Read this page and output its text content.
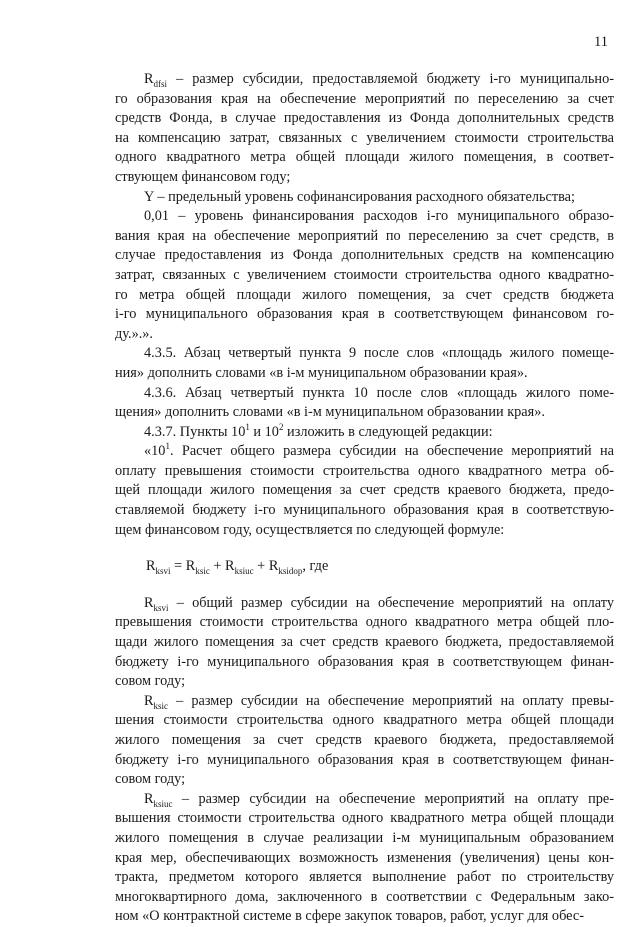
11
$R_{dfsi}$ – размер субсидии, предоставляемой бюджету i-го муниципально-
го образования края на обеспечение мероприятий по переселению за счет
средств Фонда, в случае предоставления из Фонда дополнительных средств
на компенсацию затрат, связанных с увеличением стоимости строительства
одного квадратного метра общей площади жилого помещения, в соответ-
ствующем финансовом году;
Y – предельный уровень софинансирования расходного обязательства;
0,01 – уровень финансирования расходов i-го муниципального образо-
вания края на обеспечение мероприятий по переселению за счет средств, в
случае предоставления из Фонда дополнительных средств на компенсацию
затрат, связанных с увеличением стоимости строительства одного квадратно-
го метра общей площади жилого помещения, за счет средств бюджета
i-го муниципального образования края в соответствующем финансовом го-
ду.».».
4.3.5. Абзац четвертый пункта 9 после слов «площадь жилого помеще-
ния» дополнить словами «в i-м муниципальном образовании края».
4.3.6. Абзац четвертый пункта 10 после слов «площадь жилого поме-
щения» дополнить словами «в i-м муниципальном образовании края».
4.3.7. Пункты $10^1$ и $10^2$ изложить в следующей редакции:
«$10^1$. Расчет общего размера субсидии на обеспечение мероприятий на
оплату превышения стоимости строительства одного квадратного метра об-
щей площади жилого помещения за счет средств краевого бюджета, предо-
ставляемой бюджету i-го муниципального образования края в соответствую-
щем финансовом году, осуществляется по следующей формуле:
$R_{ksvi} = R_{ksic} + R_{ksiuc} + R_{ksidop}$, где
$R_{ksvi}$ – общий размер субсидии на обеспечение мероприятий на оплату
превышения стоимости строительства одного квадратного метра общей пло-
щади жилого помещения за счет средств краевого бюджета, предоставляемой
бюджету i-го муниципального образования края в соответствующем финан-
совом году;
$R_{ksic}$ – размер субсидии на обеспечение мероприятий на оплату превы-
шения стоимости строительства одного квадратного метра общей площади
жилого помещения за счет средств краевого бюджета, предоставляемой
бюджету i-го муниципального образования края в соответствующем финан-
совом году;
$R_{ksiuc}$ – размер субсидии на обеспечение мероприятий на оплату пре-
вышения стоимости строительства одного квадратного метра общей площади
жилого помещения в случае реализации i-м муниципальным образованием
края мер, обеспечивающих возможность изменения (увеличения) цены кон-
тракта, предметом которого является выполнение работ по строительству
многоквартирного дома, заключенного в соответствии с Федеральным зако-
ном «О контрактной системе в сфере закупок товаров, работ, услуг для обес-
